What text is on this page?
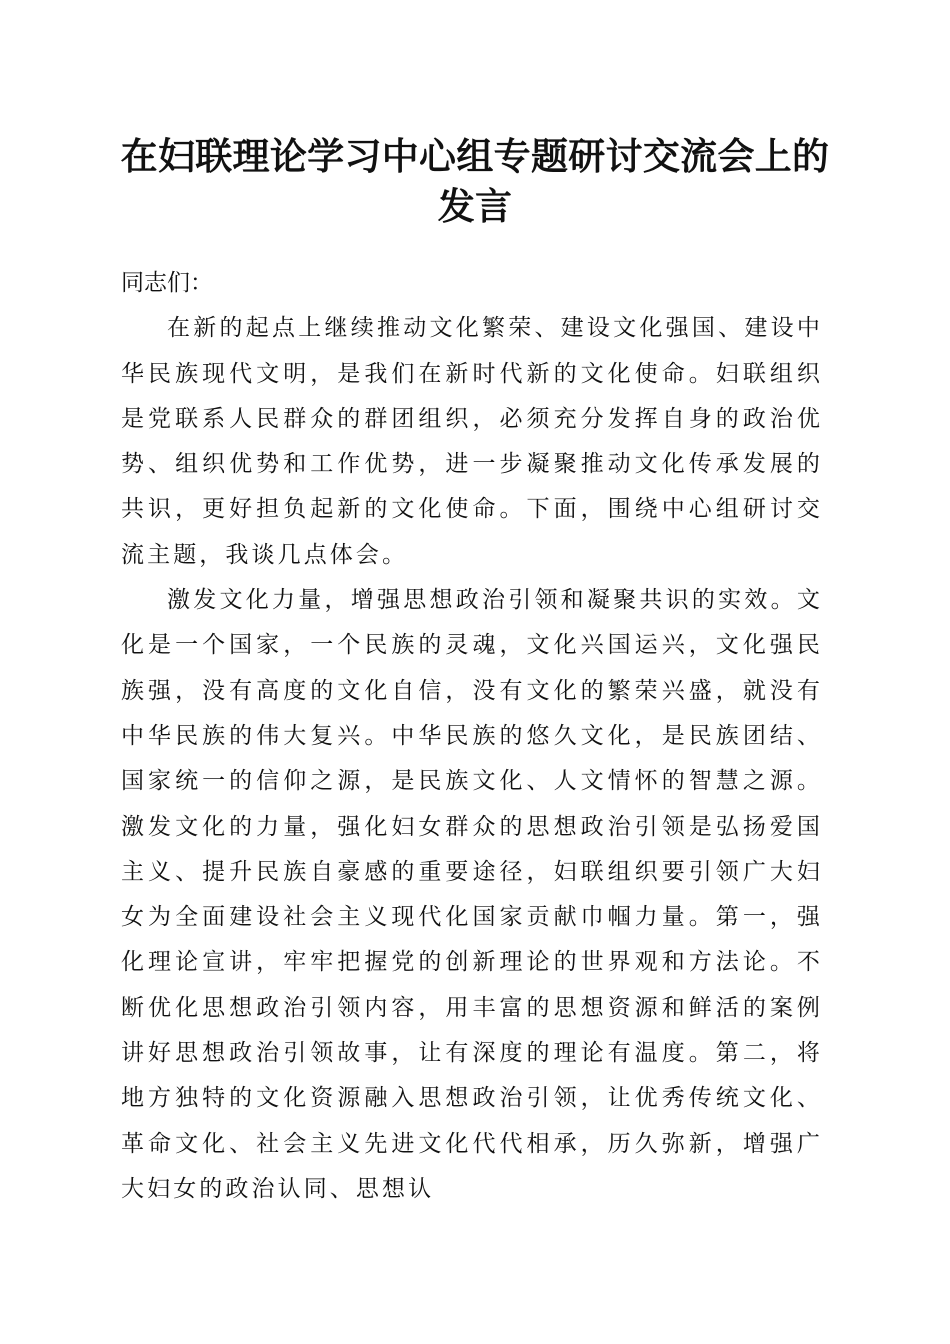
在妇联理论学习中心组专题研讨交流会上的发言

同志们：

在新的起点上继续推动文化繁荣、建设文化强国、建设中华民族现代文明，是我们在新时代新的文化使命。妇联组织是党联系人民群众的群团组织，必须充分发挥自身的政治优势、组织优势和工作优势，进一步凝聚推动文化传承发展的共识，更好担负起新的文化使命。下面，围绕中心组研讨交流主题，我谈几点体会。

激发文化力量，增强思想政治引领和凝聚共识的实效。文化是一个国家，一个民族的灵魂，文化兴国运兴，文化强民族强，没有高度的文化自信，没有文化的繁荣兴盛，就没有中华民族的伟大复兴。中华民族的悠久文化，是民族团结、国家统一的信仰之源，是民族文化、人文情怀的智慧之源。激发文化的力量，强化妇女群众的思想政治引领是弘扬爱国主义、提升民族自豪感的重要途径，妇联组织要引领广大妇女为全面建设社会主义现代化国家贡献巾帼力量。第一，强化理论宣讲，牢牢把握党的创新理论的世界观和方法论。不断优化思想政治引领内容，用丰富的思想资源和鲜活的案例讲好思想政治引领故事，让有深度的理论有温度。第二，将地方独特的文化资源融入思想政治引领，让优秀传统文化、革命文化、社会主义先进文化代代相承，历久弥新，增强广大妇女的政治认同、思想认
